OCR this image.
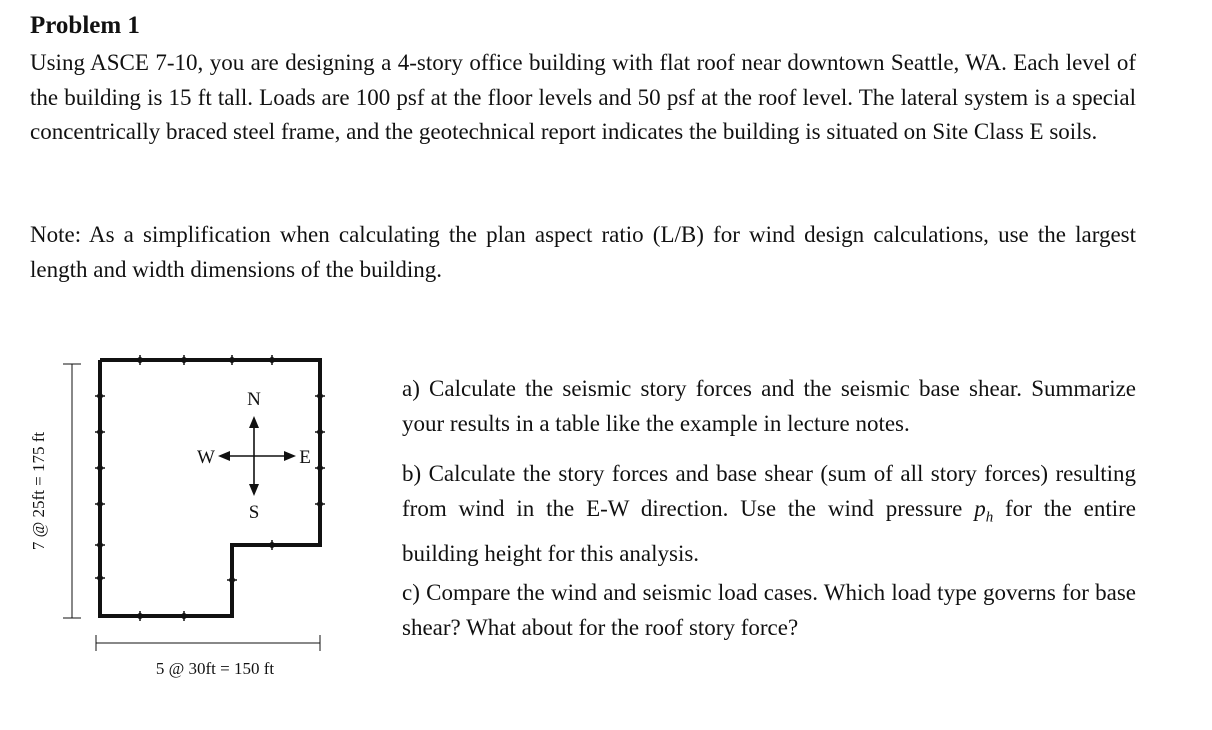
Problem 1
Using ASCE 7-10, you are designing a 4-story office building with flat roof near downtown Seattle, WA. Each level of the building is 15 ft tall. Loads are 100 psf at the floor levels and 50 psf at the roof level. The lateral system is a special concentrically braced steel frame, and the geotechnical report indicates the building is situated on Site Class E soils.
Note: As a simplification when calculating the plan aspect ratio (L/B) for wind design calculations, use the largest length and width dimensions of the building.
a) Calculate the seismic story forces and the seismic base shear. Summarize your results in a table like the example in lecture notes.
b) Calculate the story forces and base shear (sum of all story forces) resulting from wind in the E-W direction. Use the wind pressure $p_h$ for the entire building height for this analysis.
c) Compare the wind and seismic load cases. Which load type governs for base shear? What about for the roof story force?
7 @ 25ft = 175 ft
5 @ 30ft = 150 ft
N
S
E
W
